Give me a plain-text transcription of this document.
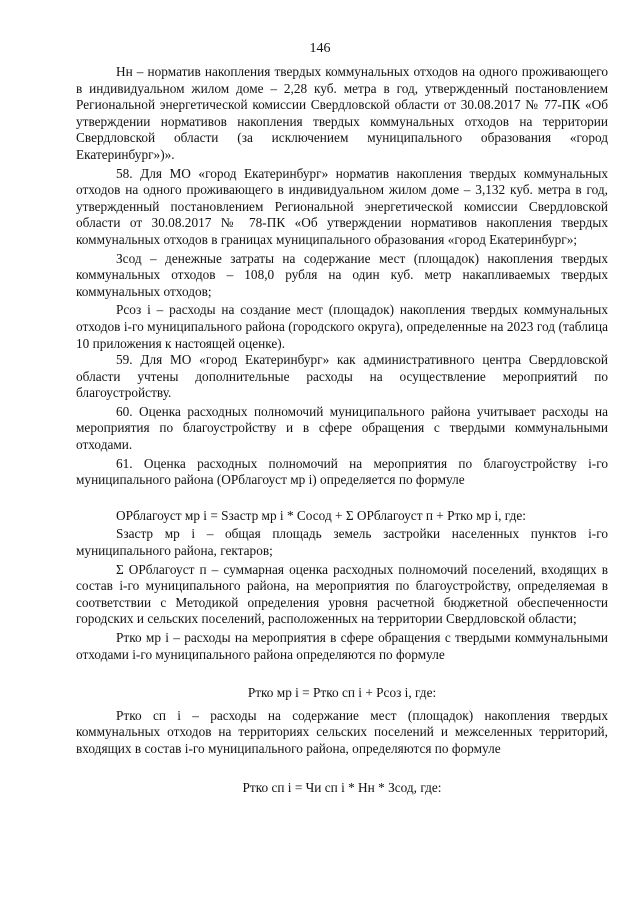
146

Нн – норматив накопления твердых коммунальных отходов на одного проживающего в индивидуальном жилом доме – 2,28 куб. метра в год, утвержденный постановлением Региональной энергетической комиссии Свердловской области от 30.08.2017 № 77-ПК «Об утверждении нормативов накопления твердых коммунальных отходов на территории Свердловской области (за исключением муниципального образования «город Екатеринбург»)».

58. Для МО «город Екатеринбург» норматив накопления твердых коммунальных отходов на одного проживающего в индивидуальном жилом доме – 3,132 куб. метра в год, утвержденный постановлением Региональной энергетической комиссии Свердловской области от 30.08.2017 № 78-ПК «Об утверждении нормативов накопления твердых коммунальных отходов в границах муниципального образования «город Екатеринбург»;

Зсод – денежные затраты на содержание мест (площадок) накопления твердых коммунальных отходов – 108,0 рубля на один куб. метр накапливаемых твердых коммунальных отходов;

Рсоз i – расходы на создание мест (площадок) накопления твердых коммунальных отходов i-го муниципального района (городского округа), определенные на 2023 год (таблица 10 приложения к настоящей оценке).

59. Для МО «город Екатеринбург» как административного центра Свердловской области учтены дополнительные расходы на осуществление мероприятий по благоустройству.

60. Оценка расходных полномочий муниципального района учитывает расходы на мероприятия по благоустройству и в сфере обращения с твердыми коммунальными отходами.

61. Оценка расходных полномочий на мероприятия по благоустройству i-го муниципального района (ОРблагоуст мр i) определяется по формуле

ОРблагоуст мр i = Sзастр мр i * Сосод + Σ ОРблагоуст п + Ртко мр i, где:

Sзастр мр i – общая площадь земель застройки населенных пунктов i-го муниципального района, гектаров;

Σ ОРблагоуст п – суммарная оценка расходных полномочий поселений, входящих в состав i-го муниципального района, на мероприятия по благоустройству, определяемая в соответствии с Методикой определения уровня расчетной бюджетной обеспеченности городских и сельских поселений, расположенных на территории Свердловской области;

Ртко мр i – расходы на мероприятия в сфере обращения с твердыми коммунальными отходами i-го муниципального района определяются по формуле

Ртко мр i = Ртко сп i + Рсоз i, где:

Ртко сп i – расходы на содержание мест (площадок) накопления твердых коммунальных отходов на территориях сельских поселений и межселенных территорий, входящих в состав i-го муниципального района, определяются по формуле

Ртко сп i = Чи сп i * Нн * Зсод, где:
